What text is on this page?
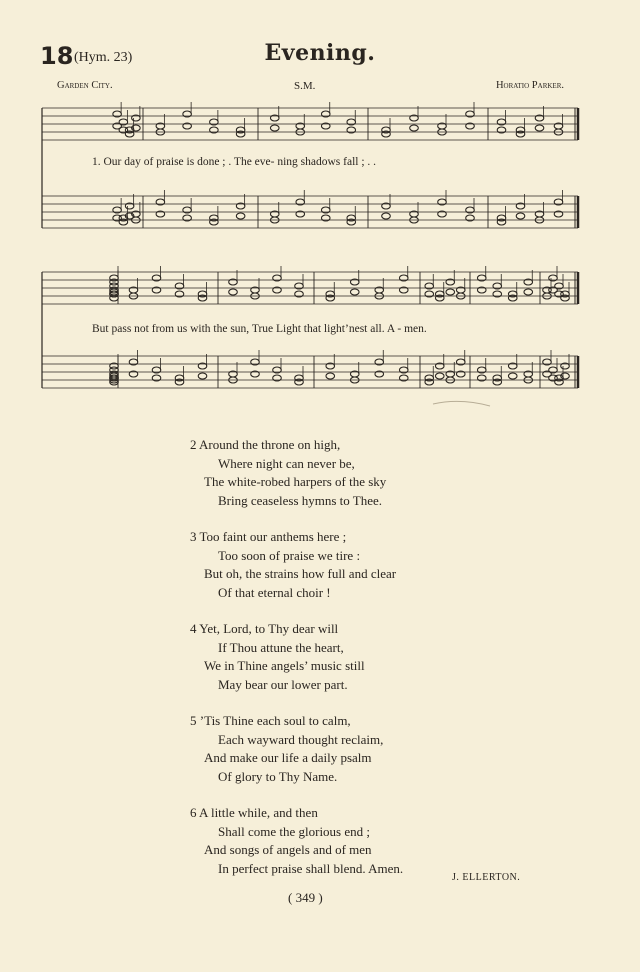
18 (Hym. 23)	Evening.
Garden City.	S.M.	Horatio Parker.
1. Our day of praise is done ; . The eve- ning shadows fall ; . .
But pass not from us with the sun, True Light that light’nest all. A - men.
2 Around the throne on high,
Where night can never be,
The white-robed harpers of the sky
Bring ceaseless hymns to Thee.
3 Too faint our anthems here ;
Too soon of praise we tire :
But oh, the strains how full and clear
Of that eternal choir !
4 Yet, Lord, to Thy dear will
If Thou attune the heart,
We in Thine angels’ music still
May bear our lower part.
5 ’Tis Thine each soul to calm,
Each wayward thought reclaim,
And make our life a daily psalm
Of glory to Thy Name.
6 A little while, and then
Shall come the glorious end ;
And songs of angels and of men
In perfect praise shall blend. Amen.
J. ELLERTON.
( 349 )
